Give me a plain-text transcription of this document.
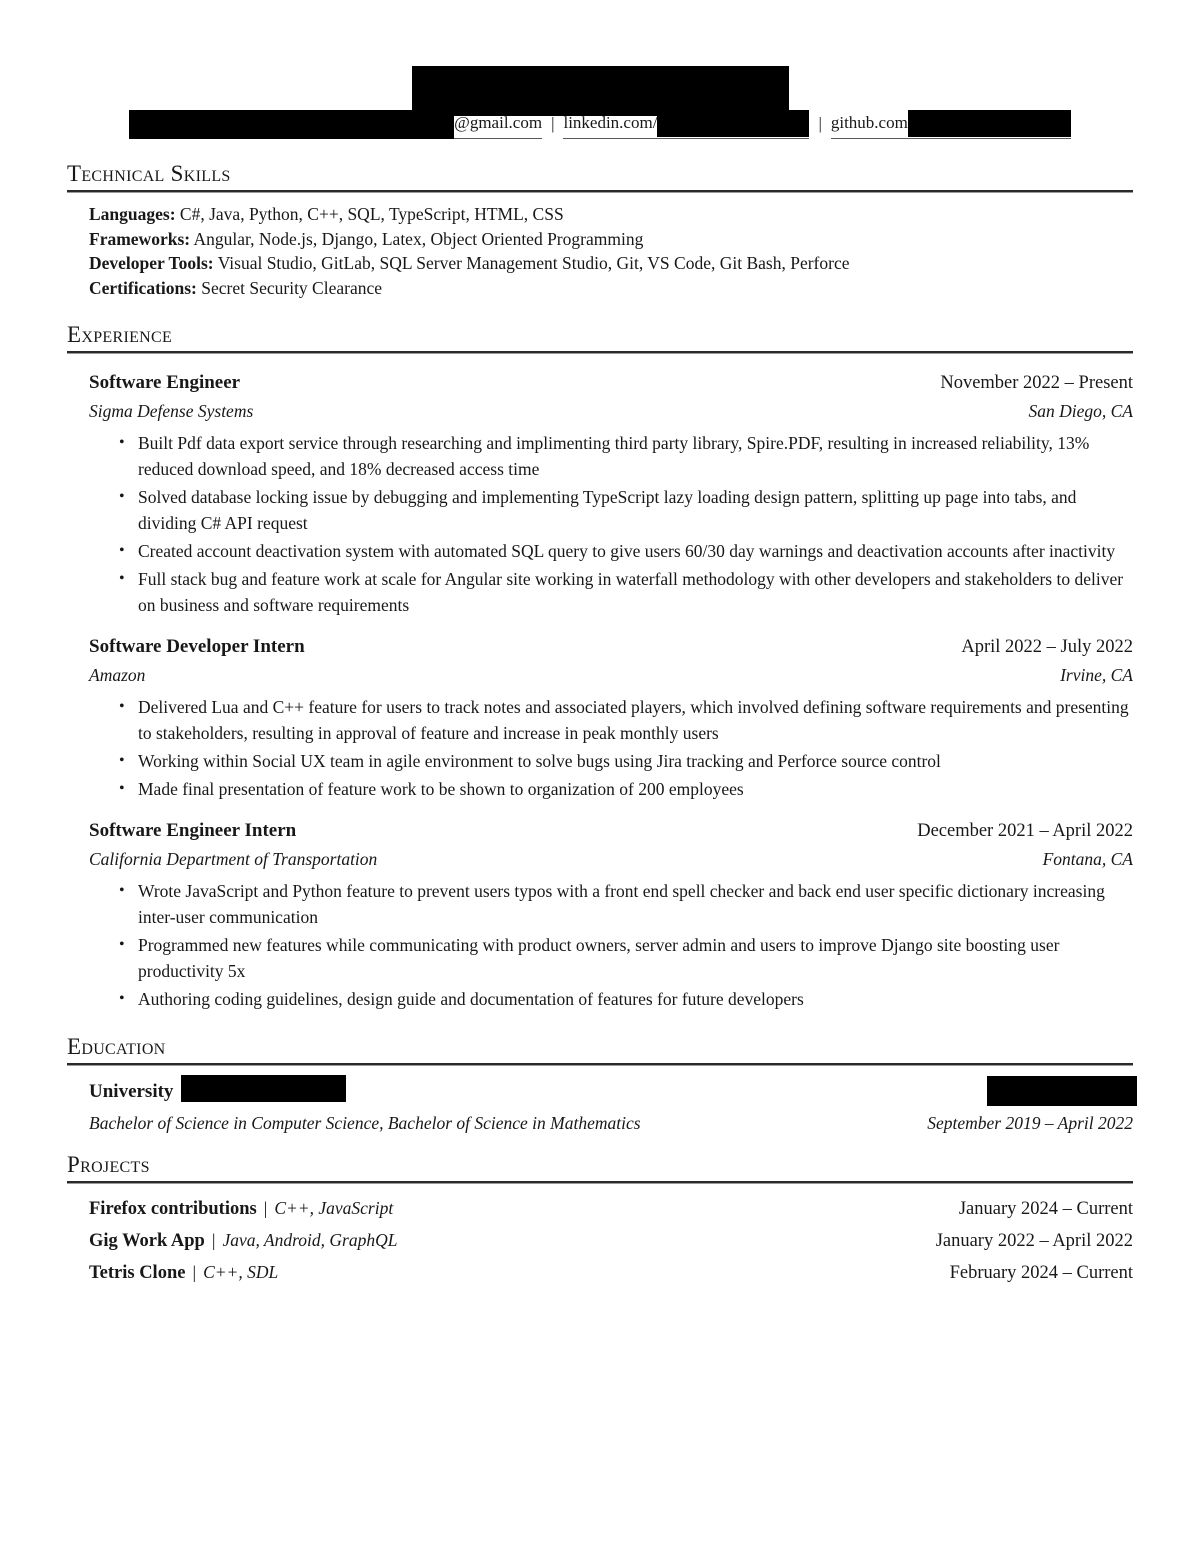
@gmail.com | linkedin.com/	| github.com
Technical Skills
Languages: C#, Java, Python, C++, SQL, TypeScript, HTML, CSS
Frameworks: Angular, Node.js, Django, Latex, Object Oriented Programming
Developer Tools: Visual Studio, GitLab, SQL Server Management Studio, Git, VS Code, Git Bash, Perforce
Certifications: Secret Security Clearance
Experience
Software Engineer	November 2022 – Present
Sigma Defense Systems	San Diego, CA
• Built Pdf data export service through researching and implimenting third party library, Spire.PDF, resulting in increased reliability, 13% reduced download speed, and 18% decreased access time
• Solved database locking issue by debugging and implementing TypeScript lazy loading design pattern, splitting up page into tabs, and dividing C# API request
• Created account deactivation system with automated SQL query to give users 60/30 day warnings and deactivation accounts after inactivity
• Full stack bug and feature work at scale for Angular site working in waterfall methodology with other developers and stakeholders to deliver on business and software requirements
Software Developer Intern	April 2022 – July 2022
Amazon	Irvine, CA
• Delivered Lua and C++ feature for users to track notes and associated players, which involved defining software requirements and presenting to stakeholders, resulting in approval of feature and increase in peak monthly users
• Working within Social UX team in agile environment to solve bugs using Jira tracking and Perforce source control
• Made final presentation of feature work to be shown to organization of 200 employees
Software Engineer Intern	December 2021 – April 2022
California Department of Transportation	Fontana, CA
• Wrote JavaScript and Python feature to prevent users typos with a front end spell checker and back end user specific dictionary increasing inter-user communication
• Programmed new features while communicating with product owners, server admin and users to improve Django site boosting user productivity 5x
• Authoring coding guidelines, design guide and documentation of features for future developers
Education
University
Bachelor of Science in Computer Science, Bachelor of Science in Mathematics	September 2019 – April 2022
Projects
Firefox contributions | C++, JavaScript	January 2024 – Current
Gig Work App | Java, Android, GraphQL	January 2022 – April 2022
Tetris Clone | C++, SDL	February 2024 – Current
